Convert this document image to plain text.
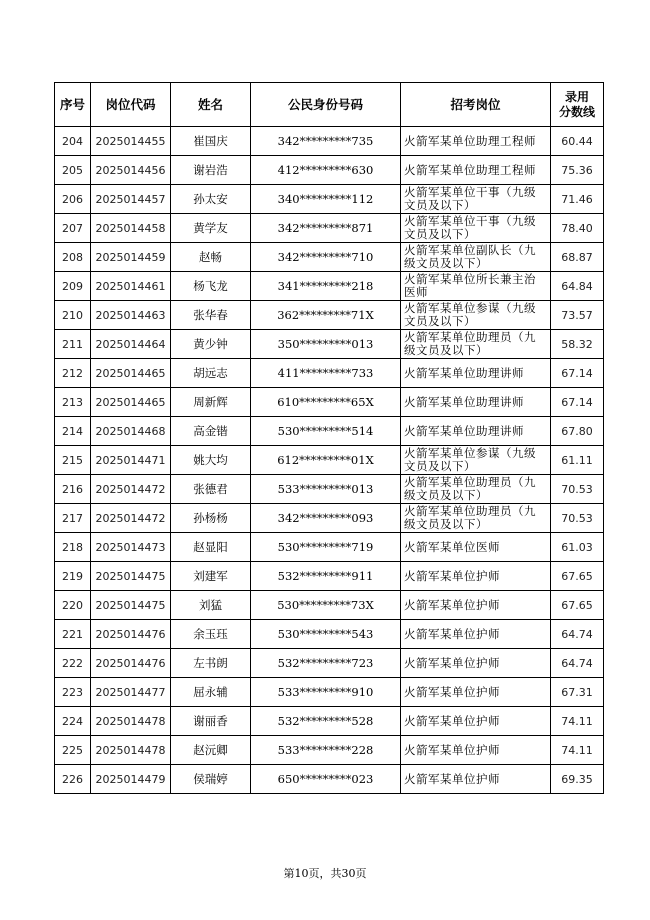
序号	岗位代码	姓名	公民身份号码	招考岗位	录用
分数线

204	2025014455	崔国庆	342*********735	火箭军某单位助理工程师	60.44
205	2025014456	谢岩浩	412*********630	火箭军某单位助理工程师	75.36
206	2025014457	孙太安	340*********112	火箭军某单位干事（九级文员及以下）	71.46
207	2025014458	黄学友	342*********871	火箭军某单位干事（九级文员及以下）	78.40
208	2025014459	赵畅	342*********710	火箭军某单位副队长（九级文员及以下）	68.87
209	2025014461	杨飞龙	341*********218	火箭军某单位所长兼主治医师	64.84
210	2025014463	张华春	362*********71X	火箭军某单位参谋（九级文员及以下）	73.57
211	2025014464	黄少钟	350*********013	火箭军某单位助理员（九级文员及以下）	58.32
212	2025014465	胡远志	411*********733	火箭军某单位助理讲师	67.14
213	2025014465	周新辉	610*********65X	火箭军某单位助理讲师	67.14
214	2025014468	高金锴	530*********514	火箭军某单位助理讲师	67.80
215	2025014471	姚大均	612*********01X	火箭军某单位参谋（九级文员及以下）	61.11
216	2025014472	张德君	533*********013	火箭军某单位助理员（九级文员及以下）	70.53
217	2025014472	孙杨杨	342*********093	火箭军某单位助理员（九级文员及以下）	70.53
218	2025014473	赵显阳	530*********719	火箭军某单位医师	61.03
219	2025014475	刘建军	532*********911	火箭军某单位护师	67.65
220	2025014475	刘猛	530*********73X	火箭军某单位护师	67.65
221	2025014476	余玉珏	530*********543	火箭军某单位护师	64.74
222	2025014476	左书朗	532*********723	火箭军某单位护师	64.74
223	2025014477	屈永辅	533*********910	火箭军某单位护师	67.31
224	2025014478	谢丽香	532*********528	火箭军某单位护师	74.11
225	2025014478	赵沅卿	533*********228	火箭军某单位护师	74.11
226	2025014479	侯瑞婷	650*********023	火箭军某单位护师	69.35
第10页，共30页
